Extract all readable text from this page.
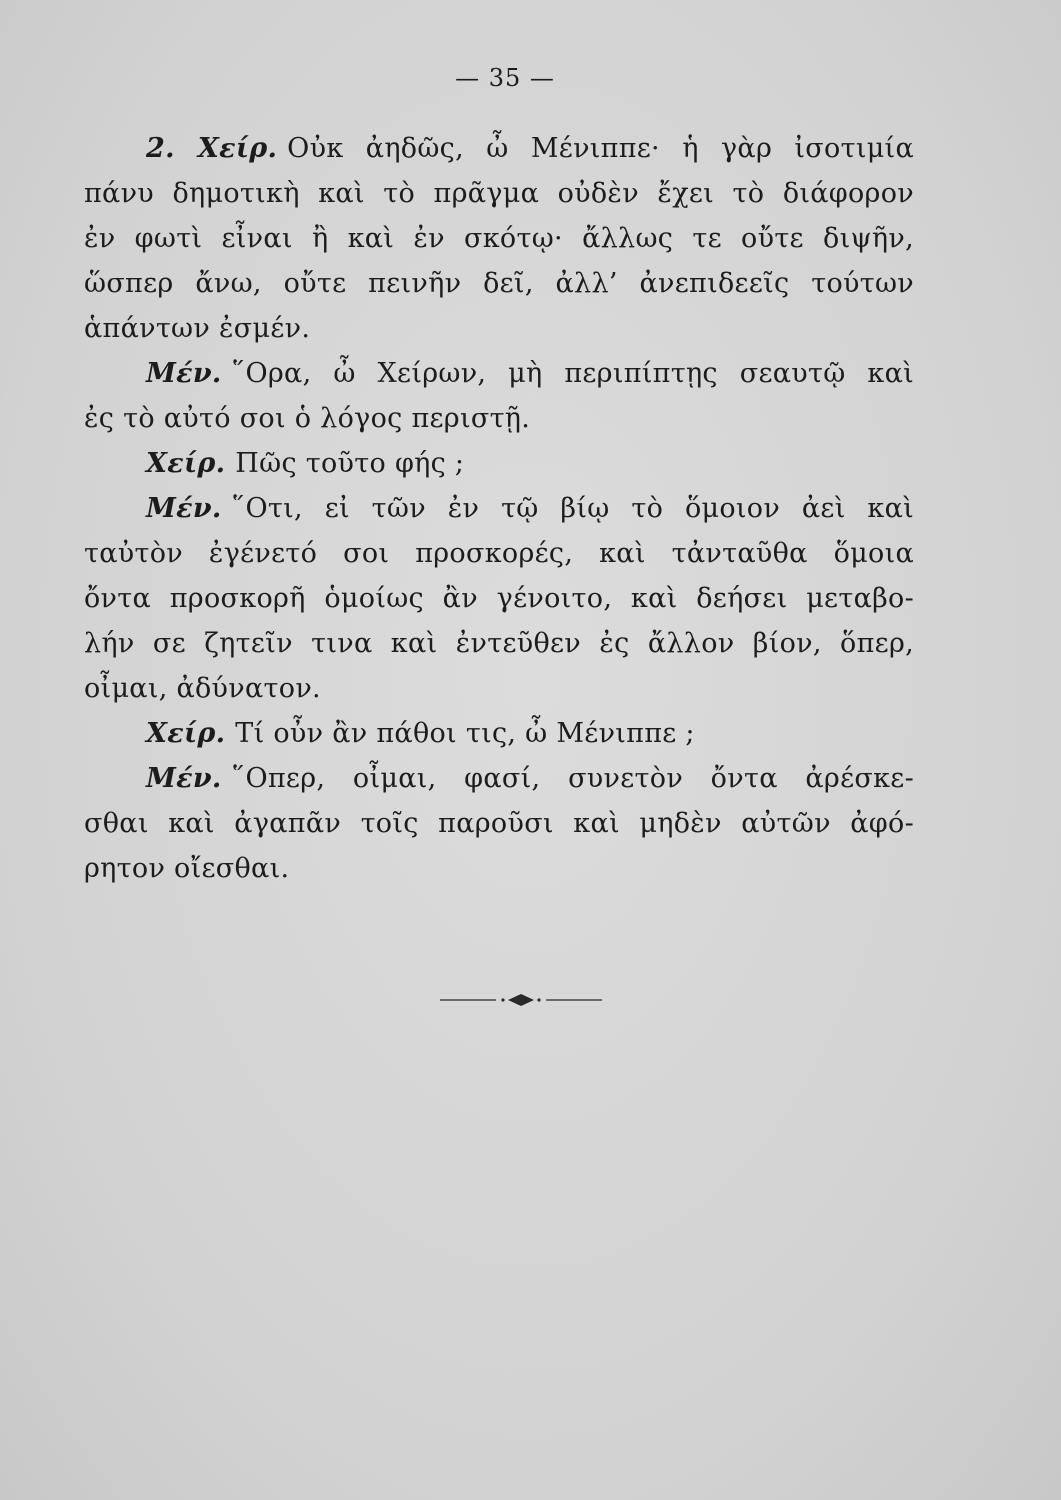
— 35 —
2. Χείρ. Οὐκ ἀηδῶς, ὦ Μένιππε· ἡ γὰρ ἰσοτιμία
πάνυ δημοτικὴ καὶ τὸ πρᾶγμα οὐδὲν ἔχει τὸ διάφορον
ἐν φωτὶ εἶναι ἢ καὶ ἐν σκότῳ· ἄλλως τε οὔτε διψῆν,
ὥσπερ ἄνω, οὔτε πεινῆν δεῖ, ἀλλ’ ἀνεπιδεεῖς τούτων
ἁπάντων ἐσμέν.
Μέν. ῞Ορα, ὦ Χείρων, μὴ περιπίπτῃς σεαυτῷ καὶ
ἐς τὸ αὐτό σοι ὁ λόγος περιστῇ.
Χείρ. Πῶς τοῦτο φής ;
Μέν. ῞Οτι, εἰ τῶν ἐν τῷ βίῳ τὸ ὅμοιον ἀεὶ καὶ
ταὐτὸν ἐγένετό σοι προσκορές, καὶ τἀνταῦθα ὅμοια
ὄντα προσκορῆ ὁμοίως ἂν γένοιτο, καὶ δεήσει μεταβο-
λήν σε ζητεῖν τινα καὶ ἐντεῦθεν ἐς ἄλλον βίον, ὅπερ,
οἶμαι, ἀδύνατον.
Χείρ. Τί οὖν ἂν πάθοι τις, ὦ Μένιππε ;
Μέν. ῞Οπερ, οἶμαι, φασί, συνετὸν ὄντα ἀρέσκε-
σθαι καὶ ἀγαπᾶν τοῖς παροῦσι καὶ μηδὲν αὐτῶν ἀφό-
ρητον οἴεσθαι.
